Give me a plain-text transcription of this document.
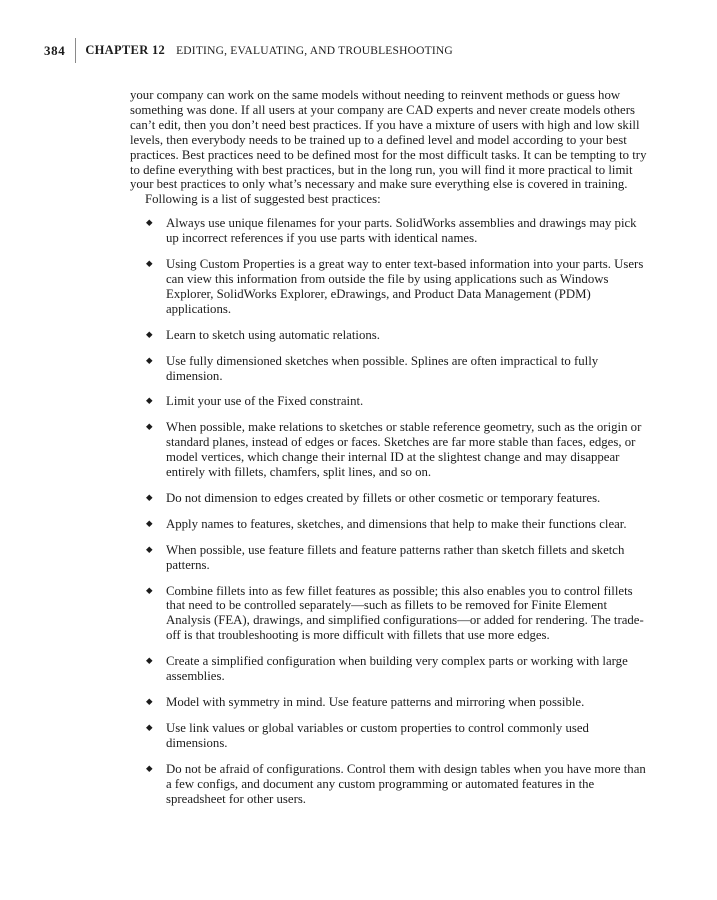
384 CHAPTER 12 EDITING, EVALUATING, AND TROUBLESHOOTING

your company can work on the same models without needing to reinvent methods or guess how something was done. If all users at your company are CAD experts and never create models others can’t edit, then you don’t need best practices. If you have a mixture of users with high and low skill levels, then everybody needs to be trained up to a defined level and model according to your best practices. Best practices need to be defined most for the most difficult tasks. It can be tempting to try to define everything with best practices, but in the long run, you will find it more practical to limit your best practices to only what’s necessary and make sure everything else is covered in training.

Following is a list of suggested best practices:

◆	Always use unique filenames for your parts. SolidWorks assemblies and drawings may pick up incorrect references if you use parts with identical names.
◆	Using Custom Properties is a great way to enter text-based information into your parts. Users can view this information from outside the file by using applications such as Windows Explorer, SolidWorks Explorer, eDrawings, and Product Data Management (PDM) applications.
◆	Learn to sketch using automatic relations.
◆	Use fully dimensioned sketches when possible. Splines are often impractical to fully dimension.
◆	Limit your use of the Fixed constraint.
◆	When possible, make relations to sketches or stable reference geometry, such as the origin or standard planes, instead of edges or faces. Sketches are far more stable than faces, edges, or model vertices, which change their internal ID at the slightest change and may disappear entirely with fillets, chamfers, split lines, and so on.
◆	Do not dimension to edges created by fillets or other cosmetic or temporary features.
◆	Apply names to features, sketches, and dimensions that help to make their functions clear.
◆	When possible, use feature fillets and feature patterns rather than sketch fillets and sketch patterns.
◆	Combine fillets into as few fillet features as possible; this also enables you to control fillets that need to be controlled separately—such as fillets to be removed for Finite Element Analysis (FEA), drawings, and simplified configurations—or added for rendering. The trade-off is that troubleshooting is more difficult with fillets that use more edges.
◆	Create a simplified configuration when building very complex parts or working with large assemblies.
◆	Model with symmetry in mind. Use feature patterns and mirroring when possible.
◆	Use link values or global variables or custom properties to control commonly used dimensions.
◆	Do not be afraid of configurations. Control them with design tables when you have more than a few configs, and document any custom programming or automated features in the spreadsheet for other users.
